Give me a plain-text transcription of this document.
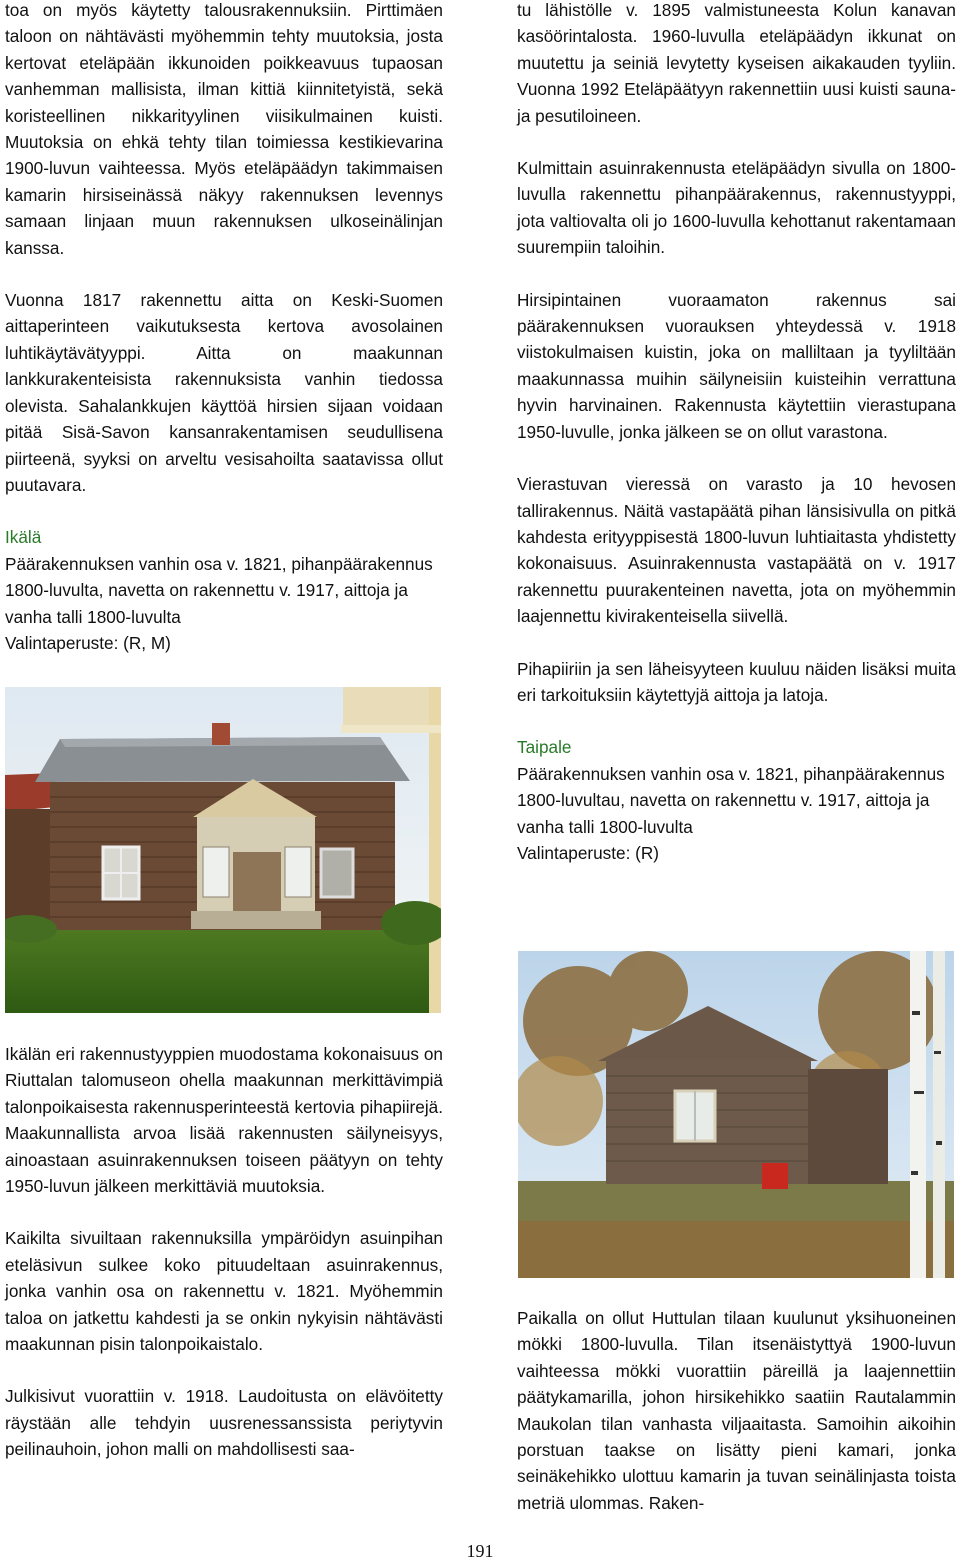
toa on myös käytetty talousrakennuksiin. Pirttimäen taloon on nähtävästi myöhemmin tehty muutoksia, josta kertovat eteläpään ikkunoiden poikkeavuus tupaosan vanhemman mallisista, ilman kittiä kiinnitetyistä, sekä koristeellinen nikkarityylinen viisikulmainen kuisti. Muutoksia on ehkä tehty tilan toimiessa kestikievarina 1900-luvun vaihteessa. Myös eteläpäädyn takimmaisen kamarin hirsiseinässä näkyy rakennuksen levennys samaan linjaan muun rakennuksen ulkoseinälinjan kanssa.

Vuonna 1817 rakennettu aitta on Keski-Suomen aittaperinteen vaikutuksesta kertova avosolainen luhtikäytävätyyppi. Aitta on maakunnan lankkurakenteisista rakennuksista vanhin tiedossa olevista. Sahalankkujen käyttöä hirsien sijaan voidaan pitää Sisä-Savon kansanrakentamisen seudullisena piirteenä, syyksi on arveltu vesisahoilta saatavissa ollut puutavara.

Ikälä

Päärakennuksen vanhin osa v. 1821, pihanpäärakennus 1800-luvulta, navetta on rakennettu v. 1917, aittoja ja vanha talli 1800-luvulta

Valintaperuste: (R, M)

Ikälän eri rakennustyyppien muodostama kokonaisuus on Riuttalan talomuseon ohella maakunnan merkittävimpiä talonpoikaisesta rakennusperinteestä kertovia pihapiirejä. Maakunnallista arvoa lisää rakennusten säilyneisyys, ainoastaan asuinrakennuksen toiseen päätyyn on tehty 1950-luvun jälkeen merkittäviä muutoksia.

Kaikilta sivuiltaan rakennuksilla ympäröidyn asuinpihan eteläsivun sulkee koko pituudeltaan asuinrakennus, jonka vanhin osa on rakennettu v. 1821. Myöhemmin taloa on jatkettu kahdesti ja se onkin nykyisin nähtävästi maakunnan pisin talonpoikaistalo.

Julkisivut vuorattiin v. 1918. Laudoitusta on elävöitetty räystään alle tehdyin uusrenessanssista periytyvin peilinauhoin, johon malli on mahdollisesti saa-

tu lähistölle v. 1895 valmistuneesta Kolun kanavan kasöörintalosta. 1960-luvulla eteläpäädyn ikkunat on muutettu ja seiniä levytetty kyseisen aikakauden tyyliin. Vuonna 1992 Eteläpäätyyn rakennettiin uusi kuisti sauna- ja pesutiloineen.

Kulmittain asuinrakennusta eteläpäädyn sivulla on 1800-luvulla rakennettu pihanpäärakennus, rakennustyyppi, jota valtiovalta oli jo 1600-luvulla kehottanut rakentamaan suurempiin taloihin.

Hirsipintainen vuoraamaton rakennus sai päärakennuksen vuorauksen yhteydessä v. 1918 viistokulmaisen kuistin, joka on malliltaan ja tyyliltään maakunnassa muihin säilyneisiin kuisteihin verrattuna hyvin harvinainen. Rakennusta käytettiin vierastupana 1950-luvulle, jonka jälkeen se on ollut varastona.

Vierastuvan vieressä on varasto ja 10 hevosen tallirakennus. Näitä vastapäätä pihan länsisivulla on pitkä kahdesta erityyppisestä 1800-luvun luhtiaitasta yhdistetty kokonaisuus. Asuinrakennusta vastapäätä on v. 1917 rakennettu puurakenteinen navetta, jota on myöhemmin laajennettu kivirakenteisella siivellä.

Pihapiiriin ja sen läheisyyteen kuuluu näiden lisäksi muita eri tarkoituksiin käytettyjä aittoja ja latoja.

Taipale

Päärakennuksen vanhin osa v. 1821, pihanpäärakennus 1800-luvultau, navetta on rakennettu v. 1917, aittoja ja vanha talli 1800-luvulta

Valintaperuste: (R)

Paikalla on ollut Huttulan tilaan kuulunut yksihuoneinen mökki 1800-luvulla. Tilan itsenäistyttyä 1900-luvun vaihteessa mökki vuorattiin päreillä ja laajennettiin päätykamarilla, johon hirsikehikko saatiin Rautalammin Maukolan tilan vanhasta viljaaitasta. Samoihin aikoihin porstuan taakse on lisätty pieni kamari, jonka seinäkehikko ulottuu kamarin ja tuvan seinälinjasta toista metriä ulommas. Raken-

191
